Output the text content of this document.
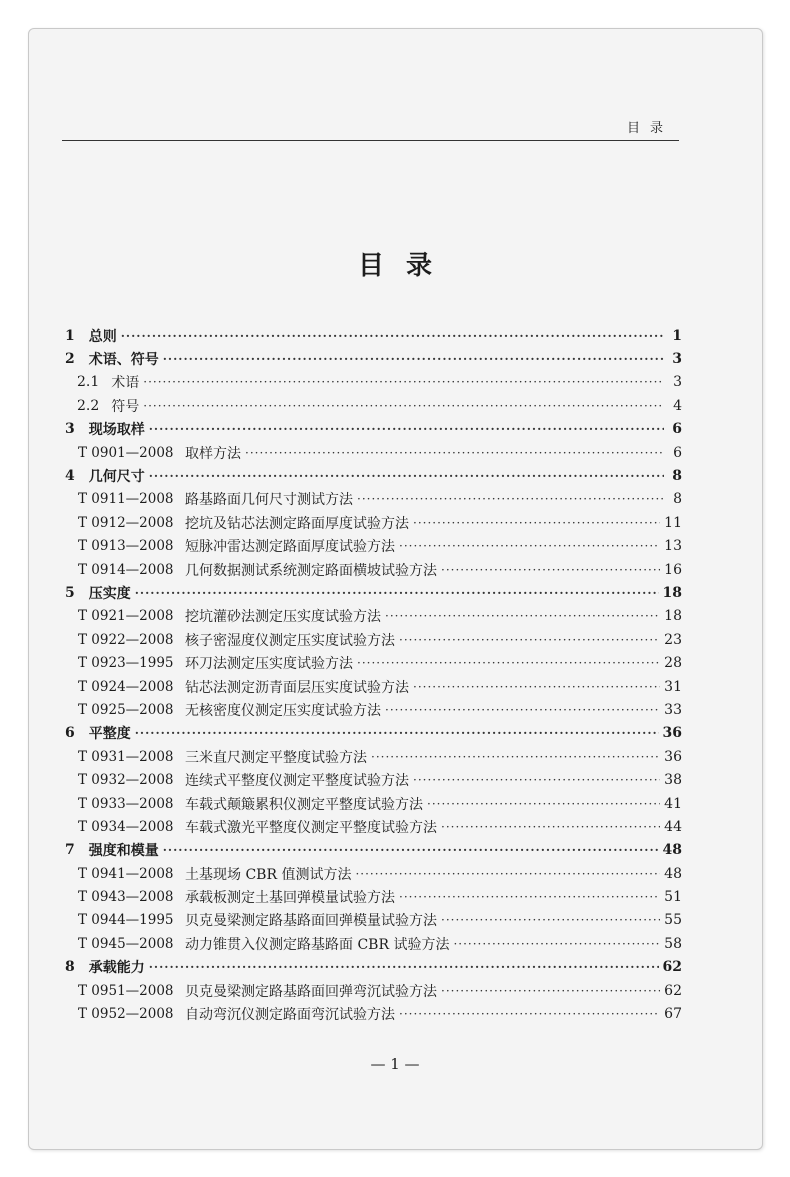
目录
目录
1 总则 ·····	1
2 术语、符号 ·····	3
2.1 术语 ·····	3
2.2 符号 ·····	4
3 现场取样 ·····	6
T 0901—2008 取样方法 ·····	6
4 几何尺寸 ·····	8
T 0911—2008 路基路面几何尺寸测试方法 ·····	8
T 0912—2008 挖坑及钻芯法测定路面厚度试验方法 ·····	11
T 0913—2008 短脉冲雷达测定路面厚度试验方法 ·····	13
T 0914—2008 几何数据测试系统测定路面横坡试验方法 ·····	16
5 压实度 ·····	18
T 0921—2008 挖坑灌砂法测定压实度试验方法 ·····	18
T 0922—2008 核子密湿度仪测定压实度试验方法 ·····	23
T 0923—1995 环刀法测定压实度试验方法 ·····	28
T 0924—2008 钻芯法测定沥青面层压实度试验方法 ·····	31
T 0925—2008 无核密度仪测定压实度试验方法 ·····	33
6 平整度 ·····	36
T 0931—2008 三米直尺测定平整度试验方法 ·····	36
T 0932—2008 连续式平整度仪测定平整度试验方法 ·····	38
T 0933—2008 车载式颠簸累积仪测定平整度试验方法 ·····	41
T 0934—2008 车载式激光平整度仪测定平整度试验方法 ·····	44
7 强度和模量 ·····	48
T 0941—2008 土基现场 CBR 值测试方法 ·····	48
T 0943—2008 承载板测定土基回弹模量试验方法 ·····	51
T 0944—1995 贝克曼梁测定路基路面回弹模量试验方法 ·····	55
T 0945—2008 动力锥贯入仪测定路基路面 CBR 试验方法 ·····	58
8 承载能力 ·····	62
T 0951—2008 贝克曼梁测定路基路面回弹弯沉试验方法 ·····	62
T 0952—2008 自动弯沉仪测定路面弯沉试验方法 ·····	67
— 1 —
